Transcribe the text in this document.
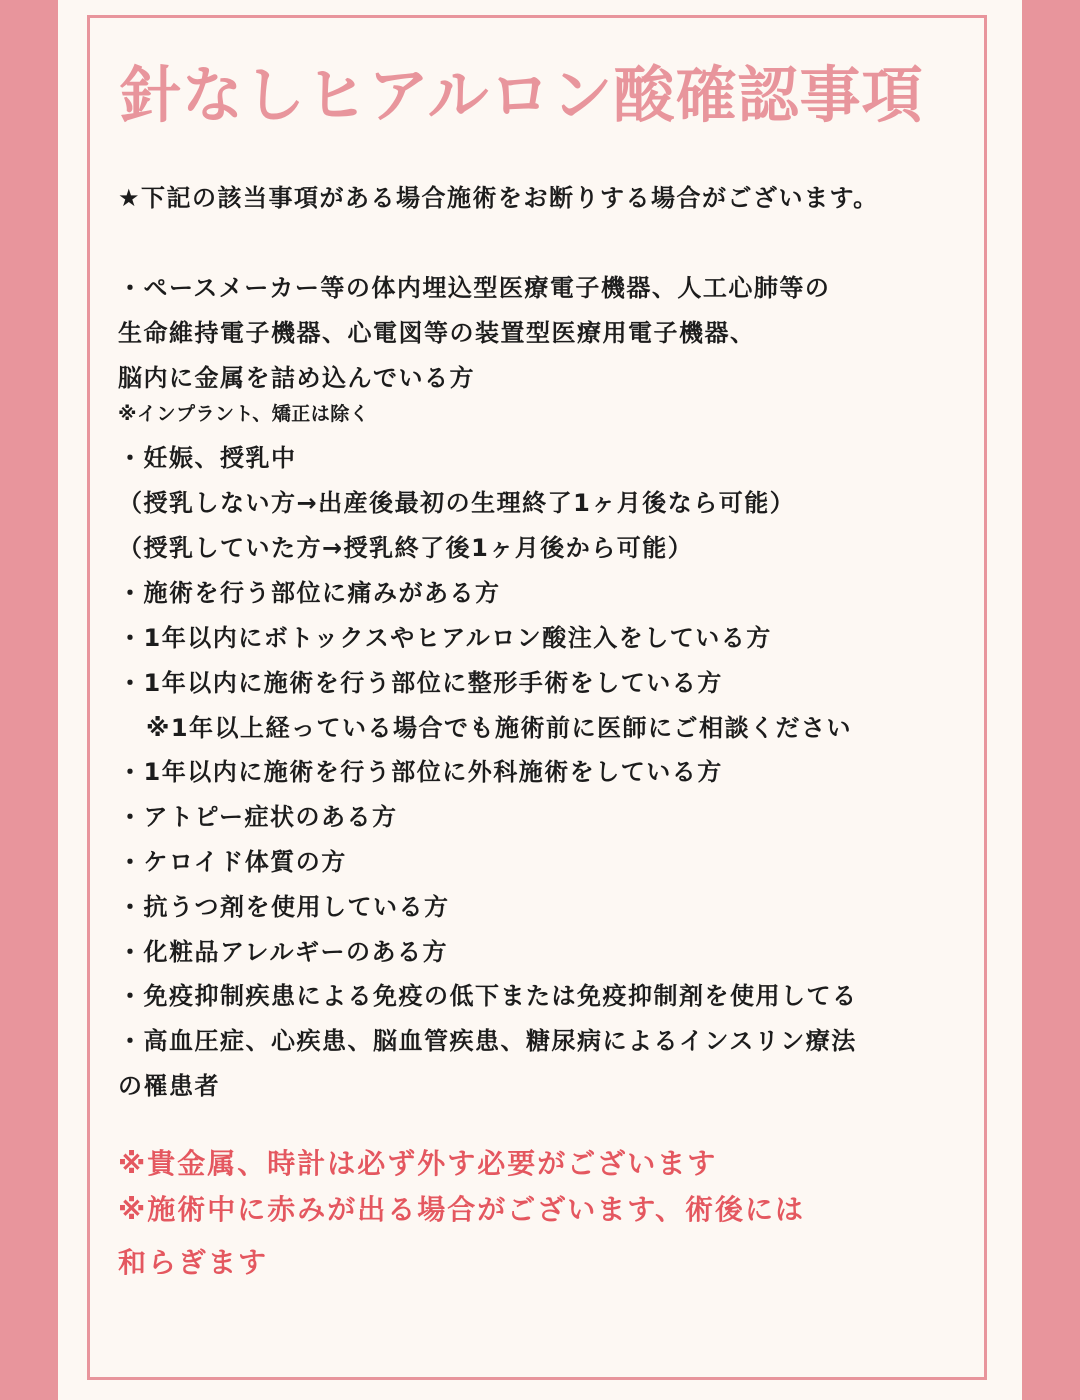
針なしヒアルロン酸確認事項

★下記の該当事項がある場合施術をお断りする場合がございます。

・ペースメーカー等の体内埋込型医療電子機器、人工心肺等の

生命維持電子機器、心電図等の装置型医療用電子機器、

脳内に金属を詰め込んでいる方

※インプラント、矯正は除く

・妊娠、授乳中

（授乳しない方→出産後最初の生理終了1ヶ月後なら可能）

（授乳していた方→授乳終了後1ヶ月後から可能）

・施術を行う部位に痛みがある方

・1年以内にボトックスやヒアルロン酸注入をしている方

・1年以内に施術を行う部位に整形手術をしている方

※1年以上経っている場合でも施術前に医師にご相談ください

・1年以内に施術を行う部位に外科施術をしている方

・アトピー症状のある方

・ケロイド体質の方

・抗うつ剤を使用している方

・化粧品アレルギーのある方

・免疫抑制疾患による免疫の低下または免疫抑制剤を使用してる

・高血圧症、心疾患、脳血管疾患、糖尿病によるインスリン療法

の罹患者

※貴金属、時計は必ず外す必要がございます

※施術中に赤みが出る場合がございます、術後には

和らぎます
